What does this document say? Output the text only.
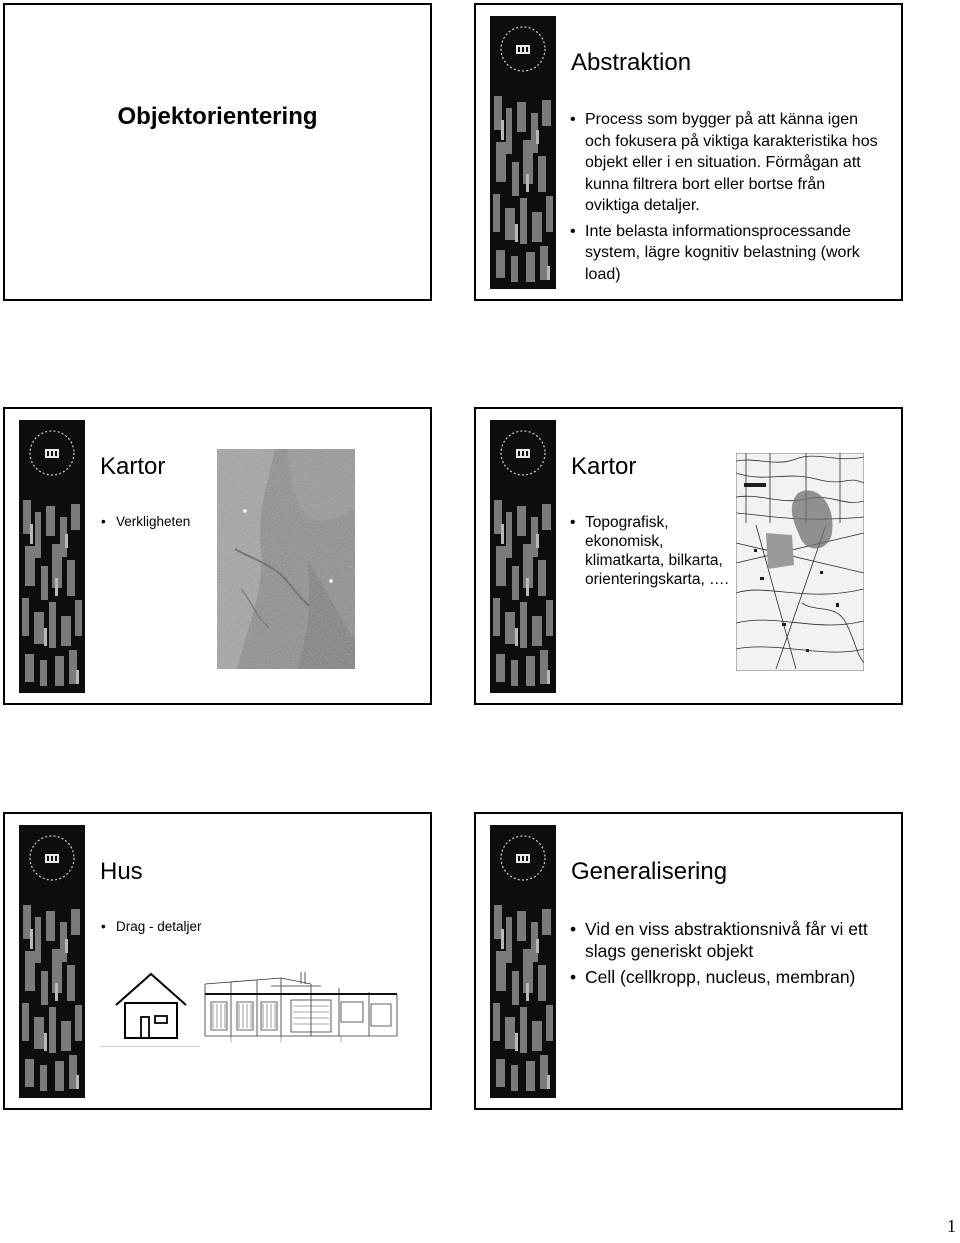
Objektorientering
Abstraktion
• Process som bygger på att känna igen och fokusera på viktiga karakteristika hos objekt eller i en situation. Förmågan att kunna filtrera bort eller bortse från oviktiga detaljer.
• Inte belasta informationsprocessande system, lägre kognitiv belastning (work load)
Kartor
• Verkligheten
Kartor
• Topografisk, ekonomisk, klimatkarta, bilkarta, orienteringskarta, ….
Hus
• Drag - detaljer
Generalisering
• Vid en viss abstraktionsnivå får vi ett slags generiskt objekt
• Cell (cellkropp, nucleus, membran)
1
